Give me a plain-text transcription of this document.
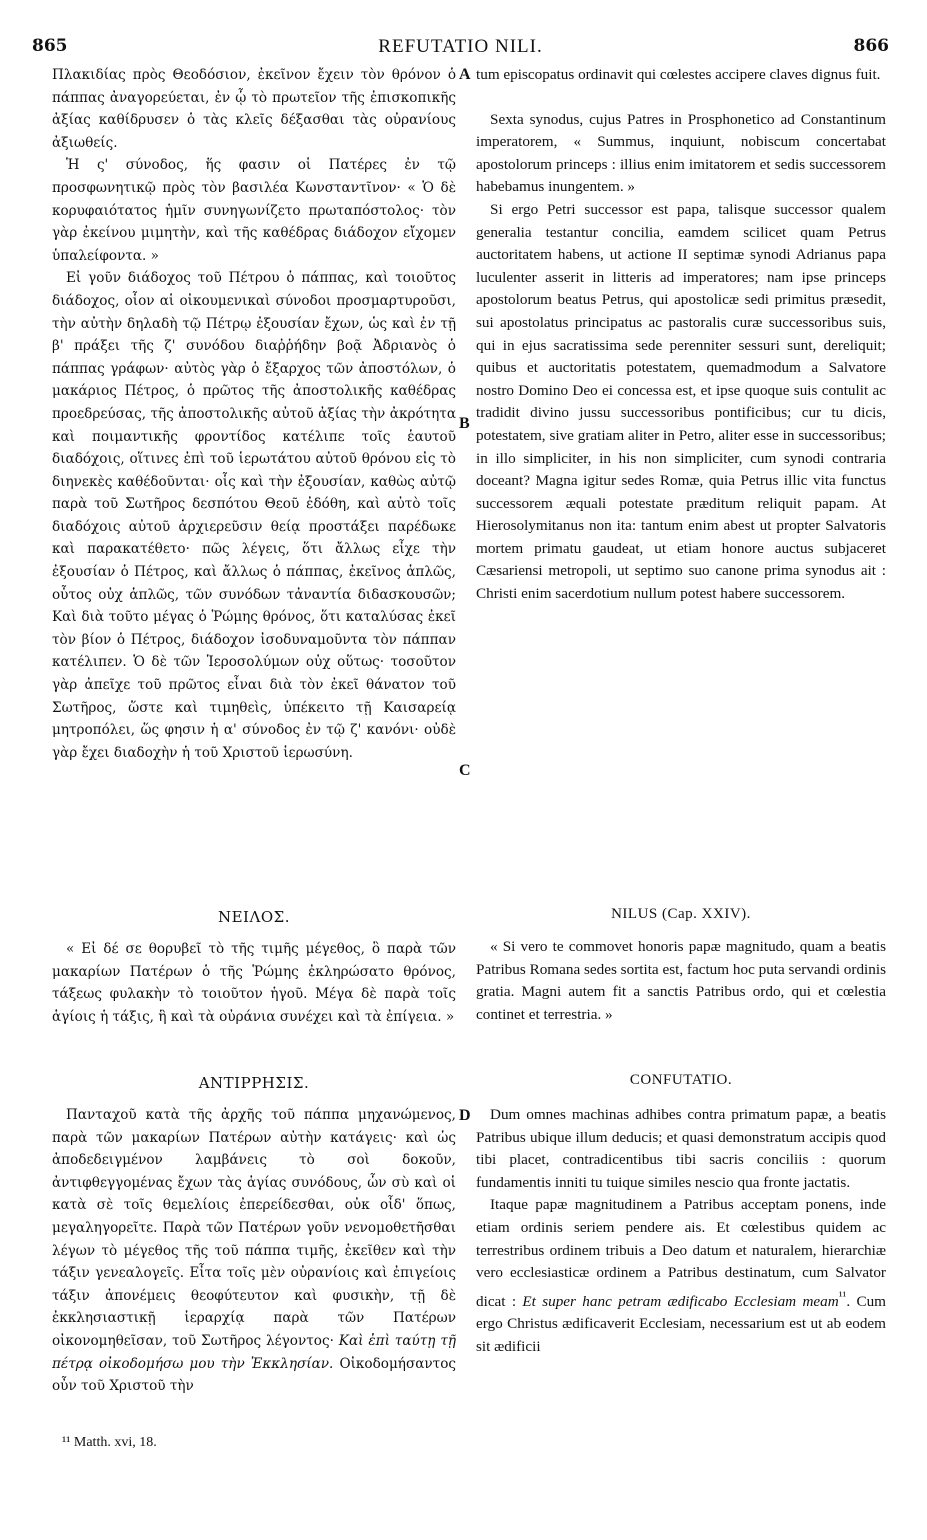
865	REFUTATIO NILI.	866
A
B
C
D

Πλακιδίας πρὸς Θεοδόσιον, ἐκεῖνον ἔχειν τὸν θρόνον ὁ πάππας ἀναγορεύεται, ἐν ᾧ τὸ πρωτεῖον τῆς ἐπισκοπικῆς ἀξίας καθίδρυσεν ὁ τὰς κλεῖς δέξασθαι τὰς οὐρανίους ἀξιωθείς.

Ἡ ς' σύνοδος, ἥς φασιν οἱ Πατέρες ἐν τῷ προσφωνητικῷ πρὸς τὸν βασιλέα Κωνσταντῖνον· « Ὁ δὲ κορυφαιότατος ἡμῖν συνηγωνίζετο πρωταπόστολος· τὸν γὰρ ἐκείνου μιμητὴν, καὶ τῆς καθέδρας διάδοχον εἴχομεν ὑπαλείφοντα. »

Εἰ γοῦν διάδοχος τοῦ Πέτρου ὁ πάππας, καὶ τοιοῦτος διάδοχος, οἷον αἱ οἰκουμενικαὶ σύνοδοι προσμαρτυροῦσι, τὴν αὐτὴν δηλαδὴ τῷ Πέτρῳ ἐξουσίαν ἔχων, ὡς καὶ ἐν τῇ β' πράξει τῆς ζ' συνόδου διαῤῥήδην βοᾷ Ἀδριανὸς ὁ πάππας γράφων· αὐτὸς γὰρ ὁ ἔξαρχος τῶν ἀποστόλων, ὁ μακάριος Πέτρος, ὁ πρῶτος τῆς ἀποστολικῆς καθέδρας προεδρεύσας, τῆς ἀποστολικῆς αὐτοῦ ἀξίας τὴν ἀκρότητα καὶ ποιμαντικῆς φροντίδος κατέλιπε τοῖς ἑαυτοῦ διαδόχοις, οἵτινες ἐπὶ τοῦ ἱερωτάτου αὐτοῦ θρόνου εἰς τὸ διηνεκὲς καθέδοῦνται· οἷς καὶ τὴν ἐξουσίαν, καθὼς αὐτῷ παρὰ τοῦ Σωτῆρος δεσπότου Θεοῦ ἐδόθη, καὶ αὐτὸ τοῖς διαδόχοις αὐτοῦ ἀρχιερεῦσιν θείᾳ προστάξει παρέδωκε καὶ παρακατέθετο· πῶς λέγεις, ὅτι ἄλλως εἶχε τὴν ἐξουσίαν ὁ Πέτρος, καὶ ἄλλως ὁ πάππας, ἐκεῖνος ἁπλῶς, οὗτος οὐχ ἁπλῶς, τῶν συνόδων τἀναντία διδασκουσῶν; Καὶ διὰ τοῦτο μέγας ὁ Ῥώμης θρόνος, ὅτι καταλύσας ἐκεῖ τὸν βίον ὁ Πέτρος, διάδοχον ἰσοδυναμοῦντα τὸν πάππαν κατέλιπεν. Ὁ δὲ τῶν Ἱεροσολύμων οὐχ οὕτως· τοσοῦτον γὰρ ἀπεῖχε τοῦ πρῶτος εἶναι διὰ τὸν ἐκεῖ θάνατον τοῦ Σωτῆρος, ὥστε καὶ τιμηθεὶς, ὑπέκειτο τῇ Καισαρείᾳ μητροπόλει, ὥς φησιν ἡ α' σύνοδος ἐν τῷ ζ' κανόνι· οὐδὲ γὰρ ἔχει διαδοχὴν ἡ τοῦ Χριστοῦ ἱερωσύνη.

ΝΕΙΛΟΣ.

« Εἰ δέ σε θορυβεῖ τὸ τῆς τιμῆς μέγεθος, ὃ παρὰ τῶν μακαρίων Πατέρων ὁ τῆς Ῥώμης ἐκληρώσατο θρόνος, τάξεως φυλακὴν τὸ τοιοῦτον ἡγοῦ. Μέγα δὲ παρὰ τοῖς ἁγίοις ἡ τάξις, ἣ καὶ τὰ οὐράνια συνέχει καὶ τὰ ἐπίγεια. »

ΑΝΤΙΡΡΗΣΙΣ.

Πανταχοῦ κατὰ τῆς ἀρχῆς τοῦ πάππα μηχανώμενος, παρὰ τῶν μακαρίων Πατέρων αὐτὴν κατάγεις· καὶ ὡς ἀποδεδειγμένον λαμβάνεις τὸ σοὶ δοκοῦν, ἀντιφθεγγομένας ἔχων τὰς ἁγίας συνόδους, ὧν σὺ καὶ οἱ κατὰ σὲ τοῖς θεμελίοις ἐπερείδεσθαι, οὐκ οἶδ' ὅπως, μεγαληγορεῖτε. Παρὰ τῶν Πατέρων γοῦν νενομοθετῆσθαι λέγων τὸ μέγεθος τῆς τοῦ πάππα τιμῆς, ἐκεῖθεν καὶ τὴν τάξιν γενεαλογεῖς. Εἶτα τοῖς μὲν οὐρανίοις καὶ ἐπιγείοις τάξιν ἀπονέμεις θεοφύτευτον καὶ φυσικὴν, τῇ δὲ ἐκκλησιαστικῇ ἱεραρχίᾳ παρὰ τῶν Πατέρων οἰκονομηθεῖσαν, τοῦ Σωτῆρος λέγοντος· Καὶ ἐπὶ ταύτῃ τῇ πέτρᾳ οἰκοδομήσω μου τὴν Ἐκκλησίαν. Οἰκοδομήσαντος οὖν τοῦ Χριστοῦ τὴν

tum episcopatus ordinavit qui cœlestes accipere claves dignus fuit.

Sexta synodus, cujus Patres in Prosphonetico ad Constantinum imperatorem, « Summus, inquiunt, nobiscum concertabat apostolorum princeps : illius enim imitatorem et sedis successorem habebamus inungentem. »

Si ergo Petri successor est papa, talisque successor qualem generalia testantur concilia, eamdem scilicet quam Petrus auctoritatem habens, ut actione II septimæ synodi Adrianus papa luculenter asserit in litteris ad imperatores; nam ipse princeps apostolorum beatus Petrus, qui apostolicæ sedi primitus præsedit, sui apostolatus principatus ac pastoralis curæ successoribus suis, qui in ejus sacratissima sede perenniter sessuri sunt, dereliquit; quibus et auctoritatis potestatem, quemadmodum a Salvatore nostro Domino Deo ei concessa est, et ipse quoque suis contulit ac tradidit divino jussu successoribus pontificibus; cur tu dicis, potestatem, sive gratiam aliter in Petro, aliter esse in successoribus; in illo simpliciter, in his non simpliciter, cum synodi contraria doceant? Magna igitur sedes Romæ, quia Petrus illic vita functus successorem æquali potestate præditum reliquit papam. At Hierosolymitanus non ita: tantum enim abest ut propter Salvatoris mortem primatu gaudeat, ut etiam honore auctus subjaceret Cæsariensi metropoli, ut septimo suo canone prima synodus ait : Christi enim sacerdotium nullum potest habere successorem.

NILUS (Cap. XXIV).

« Si vero te commovet honoris papæ magnitudo, quam a beatis Patribus Romana sedes sortita est, factum hoc puta servandi ordinis gratia. Magni autem fit a sanctis Patribus ordo, qui et cœlestia continet et terrestria. »

CONFUTATIO.

Dum omnes machinas adhibes contra primatum papæ, a beatis Patribus ubique illum deducis; et quasi demonstratum accipis quod tibi placet, contradicentibus tibi sacris conciliis : quorum fundamentis inniti tu tuique similes nescio qua fronte jactatis.

Itaque papæ magnitudinem a Patribus acceptam ponens, inde etiam ordinis seriem pendere ais. Et cœlestibus quidem ac terrestribus ordinem tribuis a Deo datum et naturalem, hierarchiæ vero ecclesiasticæ ordinem a Patribus destinatum, cum Salvator dicat : Et super hanc petram ædificabo Ecclesiam meam$^{^{11}}$. Cum ergo Christus ædificaverit Ecclesiam, necessarium est ut ab eodem sit ædificii

¹¹ Matth. xvi, 18.
